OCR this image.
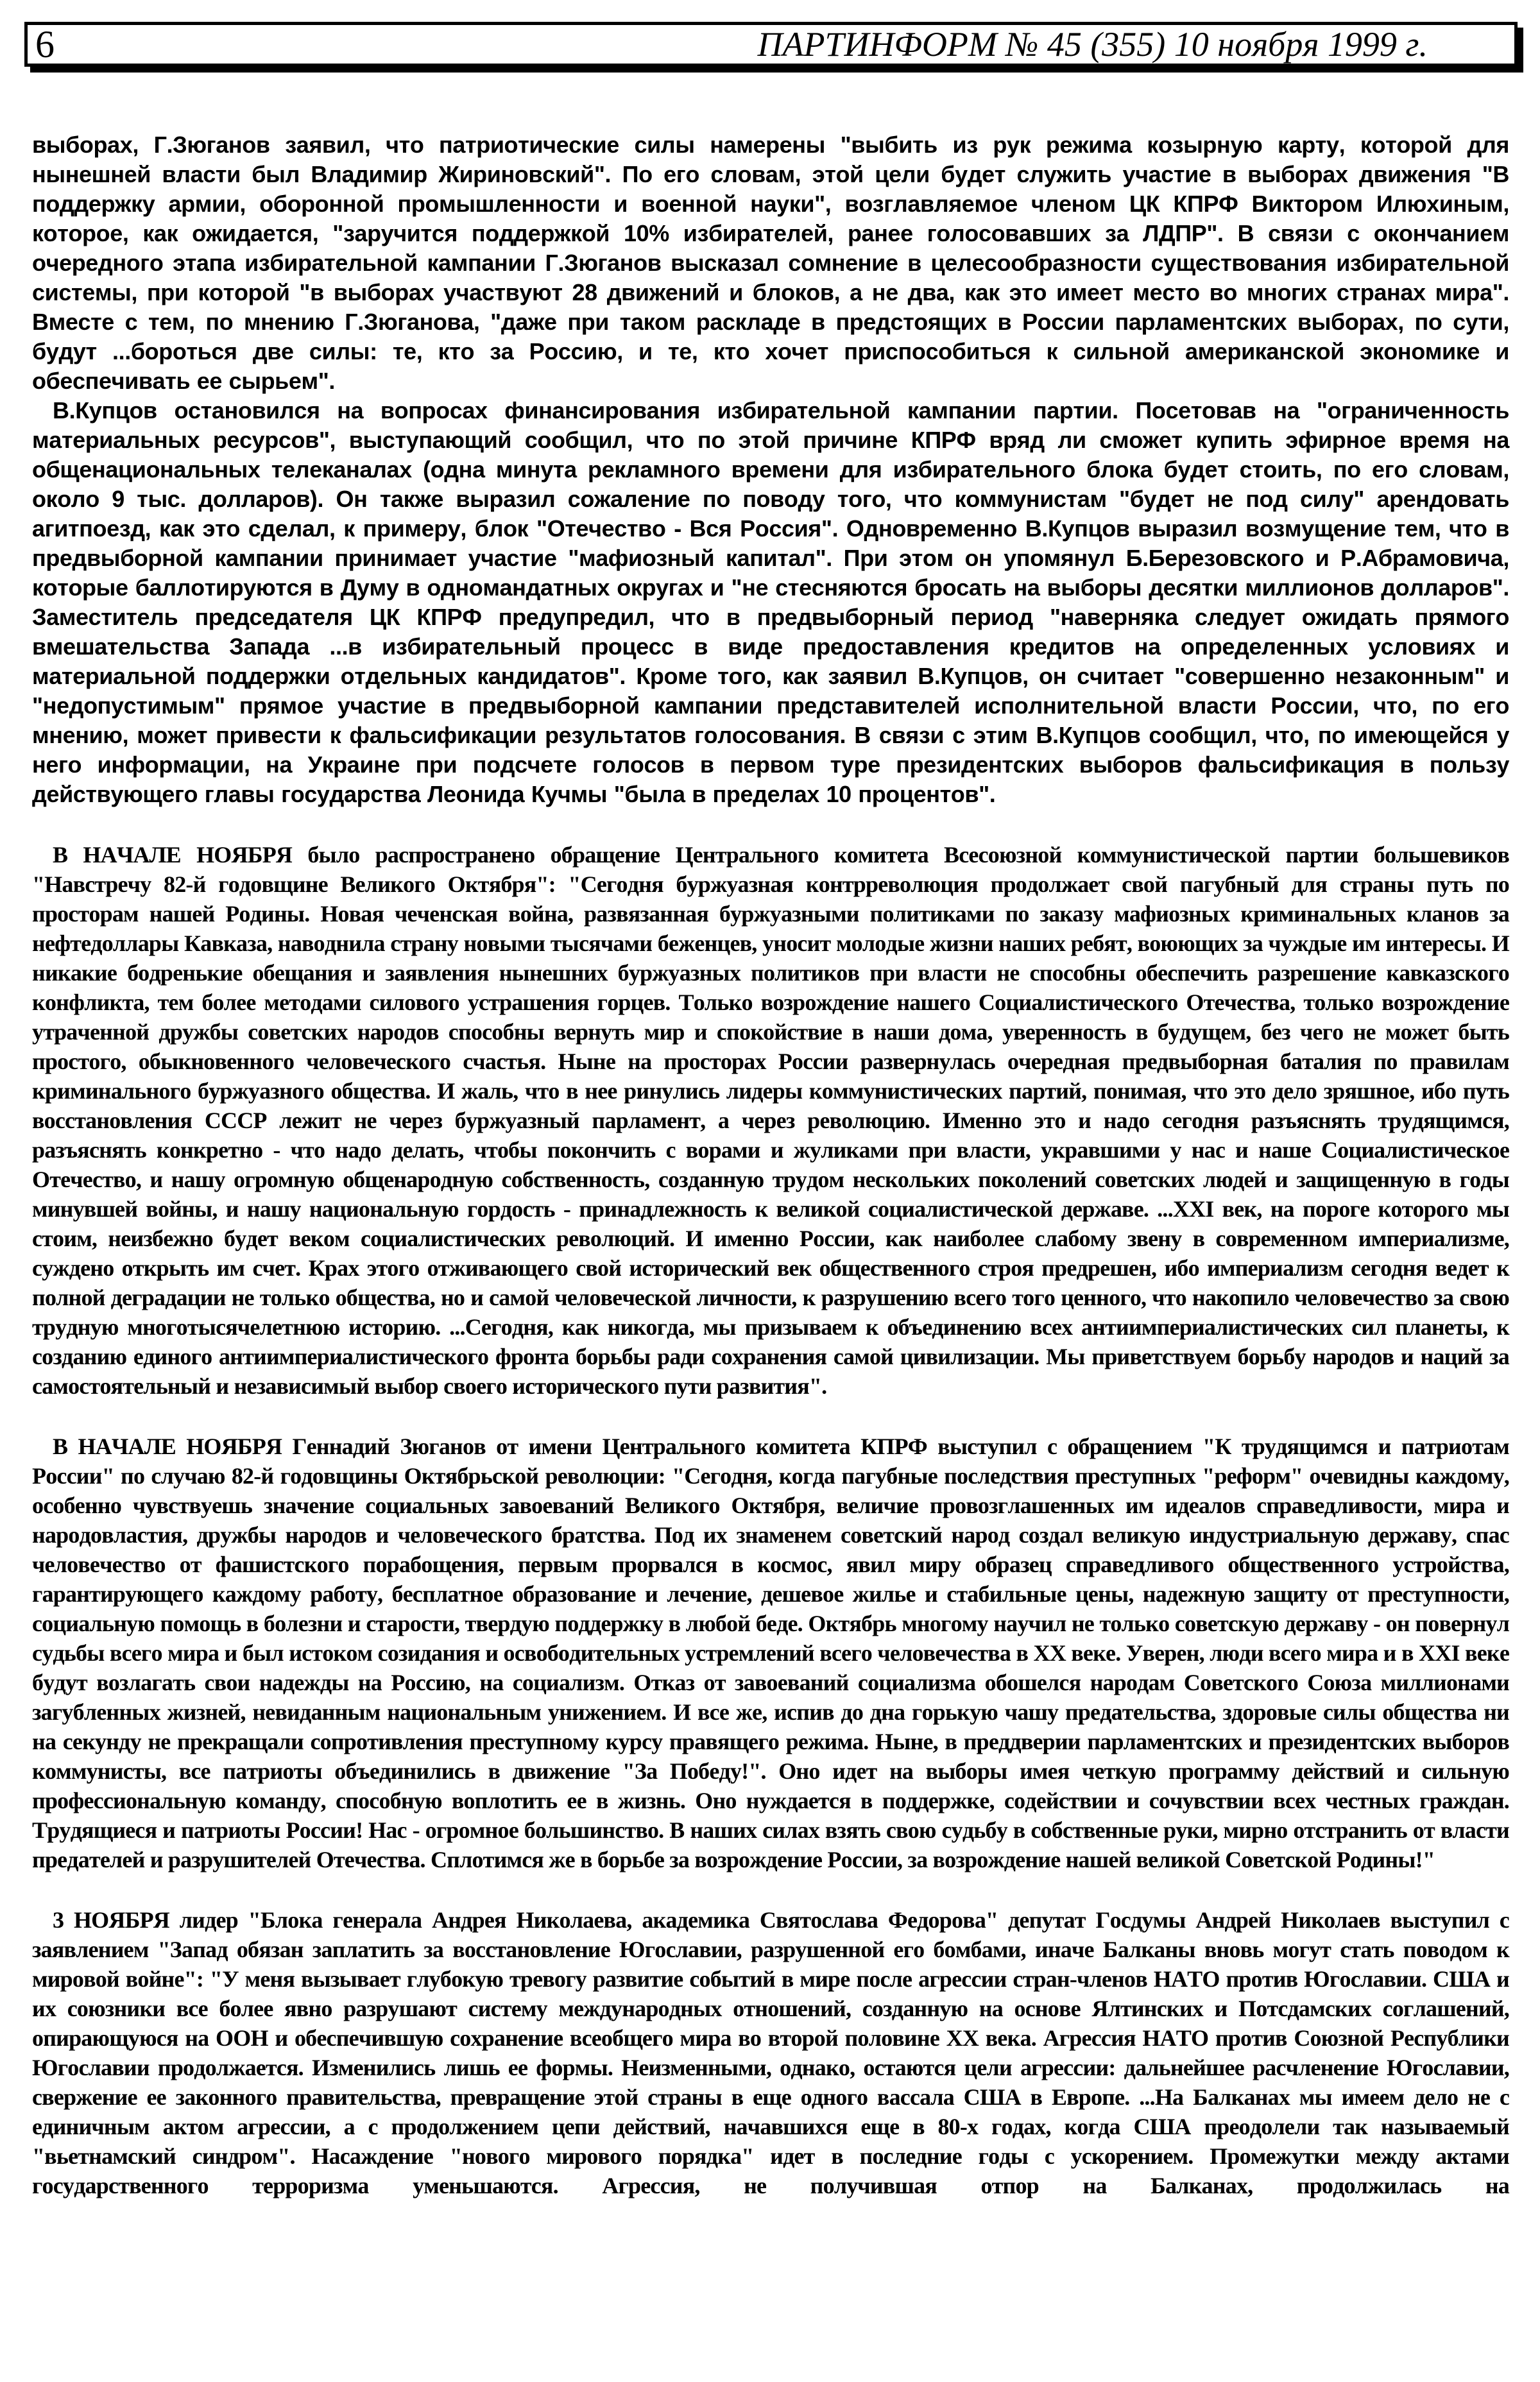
6	ПАРТИНФОРМ № 45 (355) 10 ноября 1999 г.

выборах, Г.Зюганов заявил, что патриотические силы намерены "выбить из рук режима козырную карту, которой для нынешней власти был Владимир Жириновский". По его словам, этой цели будет служить участие в выборах движения "В поддержку армии, оборонной промышленности и военной науки", возглавляемое членом ЦК КПРФ Виктором Илюхиным, которое, как ожидается, "заручится поддержкой 10% избирателей, ранее голосовавших за ЛДПР". В связи с окончанием очередного этапа избирательной кампании Г.Зюганов высказал сомнение в целесообразности существования избирательной системы, при которой "в выборах участвуют 28 движений и блоков, а не два, как это имеет место во многих странах мира". Вместе с тем, по мнению Г.Зюганова, "даже при таком раскладе в предстоящих в России парламентских выборах, по сути, будут ...бороться две силы: те, кто за Россию, и те, кто хочет приспособиться к сильной американской экономике и обеспечивать ее сырьем".

В.Купцов остановился на вопросах финансирования избирательной кампании партии. Посетовав на "ограниченность материальных ресурсов", выступающий сообщил, что по этой причине КПРФ вряд ли сможет купить эфирное время на общенациональных телеканалах (одна минута рекламного времени для избирательного блока будет стоить, по его словам, около 9 тыс. долларов). Он также выразил сожаление по поводу того, что коммунистам "будет не под силу" арендовать агитпоезд, как это сделал, к примеру, блок "Отечество - Вся Россия". Одновременно В.Купцов выразил возмущение тем, что в предвыборной кампании принимает участие "мафиозный капитал". При этом он упомянул Б.Березовского и Р.Абрамовича, которые баллотируются в Думу в одномандатных округах и "не стесняются бросать на выборы десятки миллионов долларов". Заместитель председателя ЦК КПРФ предупредил, что в предвыборный период "наверняка следует ожидать прямого вмешательства Запада ...в избирательный процесс в виде предоставления кредитов на определенных условиях и материальной поддержки отдельных кандидатов". Кроме того, как заявил В.Купцов, он считает "совершенно незаконным" и "недопустимым" прямое участие в предвыборной кампании представителей исполнительной власти России, что, по его мнению, может привести к фальсификации результатов голосования. В связи с этим В.Купцов сообщил, что, по имеющейся у него информации, на Украине при подсчете голосов в первом туре президентских выборов фальсификация в пользу действующего главы государства Леонида Кучмы "была в пределах 10 процентов".

В НАЧАЛЕ НОЯБРЯ было распространено обращение Центрального комитета Всесоюзной коммунистической партии большевиков "Навстречу 82-й годовщине Великого Октября": "Сегодня буржуазная контрреволюция продолжает свой пагубный для страны путь по просторам нашей Родины. Новая чеченская война, развязанная буржуазными политиками по заказу мафиозных криминальных кланов за нефтедоллары Кавказа, наводнила страну новыми тысячами беженцев, уносит молодые жизни наших ребят, воюющих за чуждые им интересы. И никакие бодренькие обещания и заявления нынешних буржуазных политиков при власти не способны обеспечить разрешение кавказского конфликта, тем более методами силового устрашения горцев. Только возрождение нашего Социалистического Отечества, только возрождение утраченной дружбы советских народов способны вернуть мир и спокойствие в наши дома, уверенность в будущем, без чего не может быть простого, обыкновенного человеческого счастья. Ныне на просторах России развернулась очередная предвыборная баталия по правилам криминального буржуазного общества. И жаль, что в нее ринулись лидеры коммунистических партий, понимая, что это дело зряшное, ибо путь восстановления СССР лежит не через буржуазный парламент, а через революцию. Именно это и надо сегодня разъяснять трудящимся, разъяснять конкретно - что надо делать, чтобы покончить с ворами и жуликами при власти, укравшими у нас и наше Социалистическое Отечество, и нашу огромную общенародную собственность, созданную трудом нескольких поколений советских людей и защищенную в годы минувшей войны, и нашу национальную гордость - принадлежность к великой социалистической державе. ...XXI век, на пороге которого мы стоим, неизбежно будет веком социалистических революций. И именно России, как наиболее слабому звену в современном империализме, суждено открыть им счет. Крах этого отживающего свой исторический век общественного строя предрешен, ибо империализм сегодня ведет к полной деградации не только общества, но и самой человеческой личности, к разрушению всего того ценного, что накопило человечество за свою трудную многотысячелетнюю историю. ...Сегодня, как никогда, мы призываем к объединению всех антиимпериалистических сил планеты, к созданию единого антиимпериалистического фронта борьбы ради сохранения самой цивилизации. Мы приветствуем борьбу народов и наций за самостоятельный и независимый выбор своего исторического пути развития".

В НАЧАЛЕ НОЯБРЯ Геннадий Зюганов от имени Центрального комитета КПРФ выступил с обращением "К трудящимся и патриотам России" по случаю 82-й годовщины Октябрьской революции: "Сегодня, когда пагубные последствия преступных "реформ" очевидны каждому, особенно чувствуешь значение социальных завоеваний Великого Октября, величие провозглашенных им идеалов справедливости, мира и народовластия, дружбы народов и человеческого братства. Под их знаменем советский народ создал великую индустриальную державу, спас человечество от фашистского порабощения, первым прорвался в космос, явил миру образец справедливого общественного устройства, гарантирующего каждому работу, бесплатное образование и лечение, дешевое жилье и стабильные цены, надежную защиту от преступности, социальную помощь в болезни и старости, твердую поддержку в любой беде. Октябрь многому научил не только советскую державу - он повернул судьбы всего мира и был истоком созидания и освободительных устремлений всего человечества в XX веке. Уверен, люди всего мира и в XXI веке будут возлагать свои надежды на Россию, на социализм. Отказ от завоеваний социализма обошелся народам Советского Союза миллионами загубленных жизней, невиданным национальным унижением. И все же, испив до дна горькую чашу предательства, здоровые силы общества ни на секунду не прекращали сопротивления преступному курсу правящего режима. Ныне, в преддверии парламентских и президентских выборов коммунисты, все патриоты объединились в движение "За Победу!". Оно идет на выборы имея четкую программу действий и сильную профессиональную команду, способную воплотить ее в жизнь. Оно нуждается в поддержке, содействии и сочувствии всех честных граждан. Трудящиеся и патриоты России! Нас - огромное большинство. В наших силах взять свою судьбу в собственные руки, мирно отстранить от власти предателей и разрушителей Отечества. Сплотимся же в борьбе за возрождение России, за возрождение нашей великой Советской Родины!"

3 НОЯБРЯ лидер "Блока генерала Андрея Николаева, академика Святослава Федорова" депутат Госдумы Андрей Николаев выступил с заявлением "Запад обязан заплатить за восстановление Югославии, разрушенной его бомбами, иначе Балканы вновь могут стать поводом к мировой войне": "У меня вызывает глубокую тревогу развитие событий в мире после агрессии стран-членов НАТО против Югославии. США и их союзники все более явно разрушают систему международных отношений, созданную на основе Ялтинских и Потсдамских соглашений, опирающуюся на ООН и обеспечившую сохранение всеобщего мира во второй половине XX века. Агрессия НАТО против Союзной Республики Югославии продолжается. Изменились лишь ее формы. Неизменными, однако, остаются цели агрессии: дальнейшее расчленение Югославии, свержение ее законного правительства, превращение этой страны в еще одного вассала США в Европе. ...На Балканах мы имеем дело не с единичным актом агрессии, а с продолжением цепи действий, начавшихся еще в 80-х годах, когда США преодолели так называемый "вьетнамский синдром". Насаждение "нового мирового порядка" идет в последние годы с ускорением. Промежутки между актами государственного терроризма уменьшаются. Агрессия, не получившая отпор на Балканах, продолжилась на
